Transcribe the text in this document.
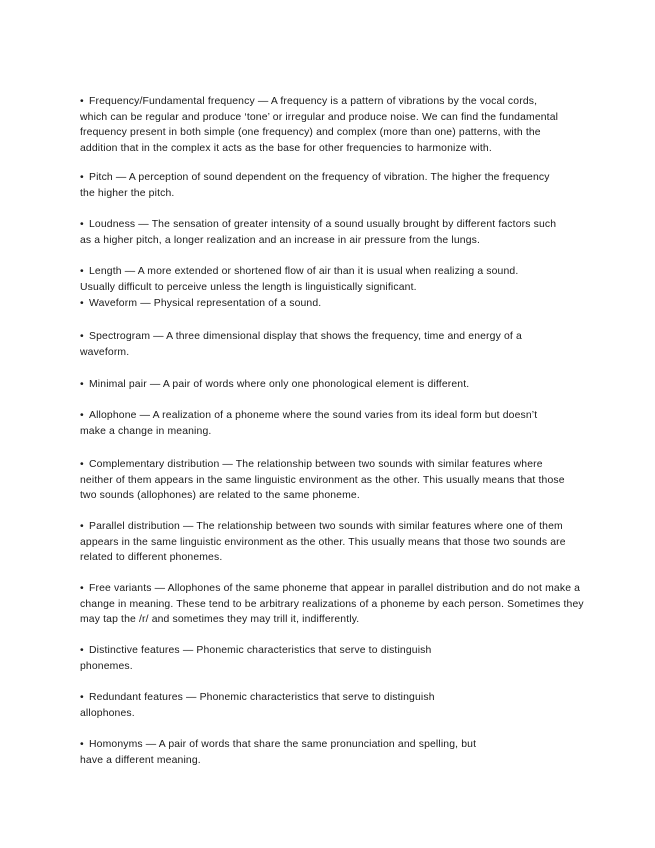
• Frequency/Fundamental frequency — A frequency is a pattern of vibrations by the vocal cords,
which can be regular and produce ‘tone’ or irregular and produce noise. We can find the fundamental
frequency present in both simple (one frequency) and complex (more than one) patterns, with the
addition that in the complex it acts as the base for other frequencies to harmonize with.
• Pitch — A perception of sound dependent on the frequency of vibration. The higher the frequency
the higher the pitch.
• Loudness — The sensation of greater intensity of a sound usually brought by different factors such
as a higher pitch, a longer realization and an increase in air pressure from the lungs.
• Length — A more extended or shortened flow of air than it is usual when realizing a sound.
Usually difficult to perceive unless the length is linguistically significant.
• Waveform — Physical representation of a sound.
• Spectrogram — A three dimensional display that shows the frequency, time and energy of a
waveform.
• Minimal pair — A pair of words where only one phonological element is different.
• Allophone — A realization of a phoneme where the sound varies from its ideal form but doesn’t
make a change in meaning.
• Complementary distribution — The relationship between two sounds with similar features where
neither of them appears in the same linguistic environment as the other. This usually means that those
two sounds (allophones) are related to the same phoneme.
• Parallel distribution — The relationship between two sounds with similar features where one of them
appears in the same linguistic environment as the other. This usually means that those two sounds are
related to different phonemes.
• Free variants — Allophones of the same phoneme that appear in parallel distribution and do not make a
change in meaning. These tend to be arbitrary realizations of a phoneme by each person. Sometimes they
may tap the /r/ and sometimes they may trill it, indifferently.
• Distinctive features — Phonemic characteristics that serve to distinguish
phonemes.
• Redundant features — Phonemic characteristics that serve to distinguish
allophones.
• Homonyms — A pair of words that share the same pronunciation and spelling, but
have a different meaning.
